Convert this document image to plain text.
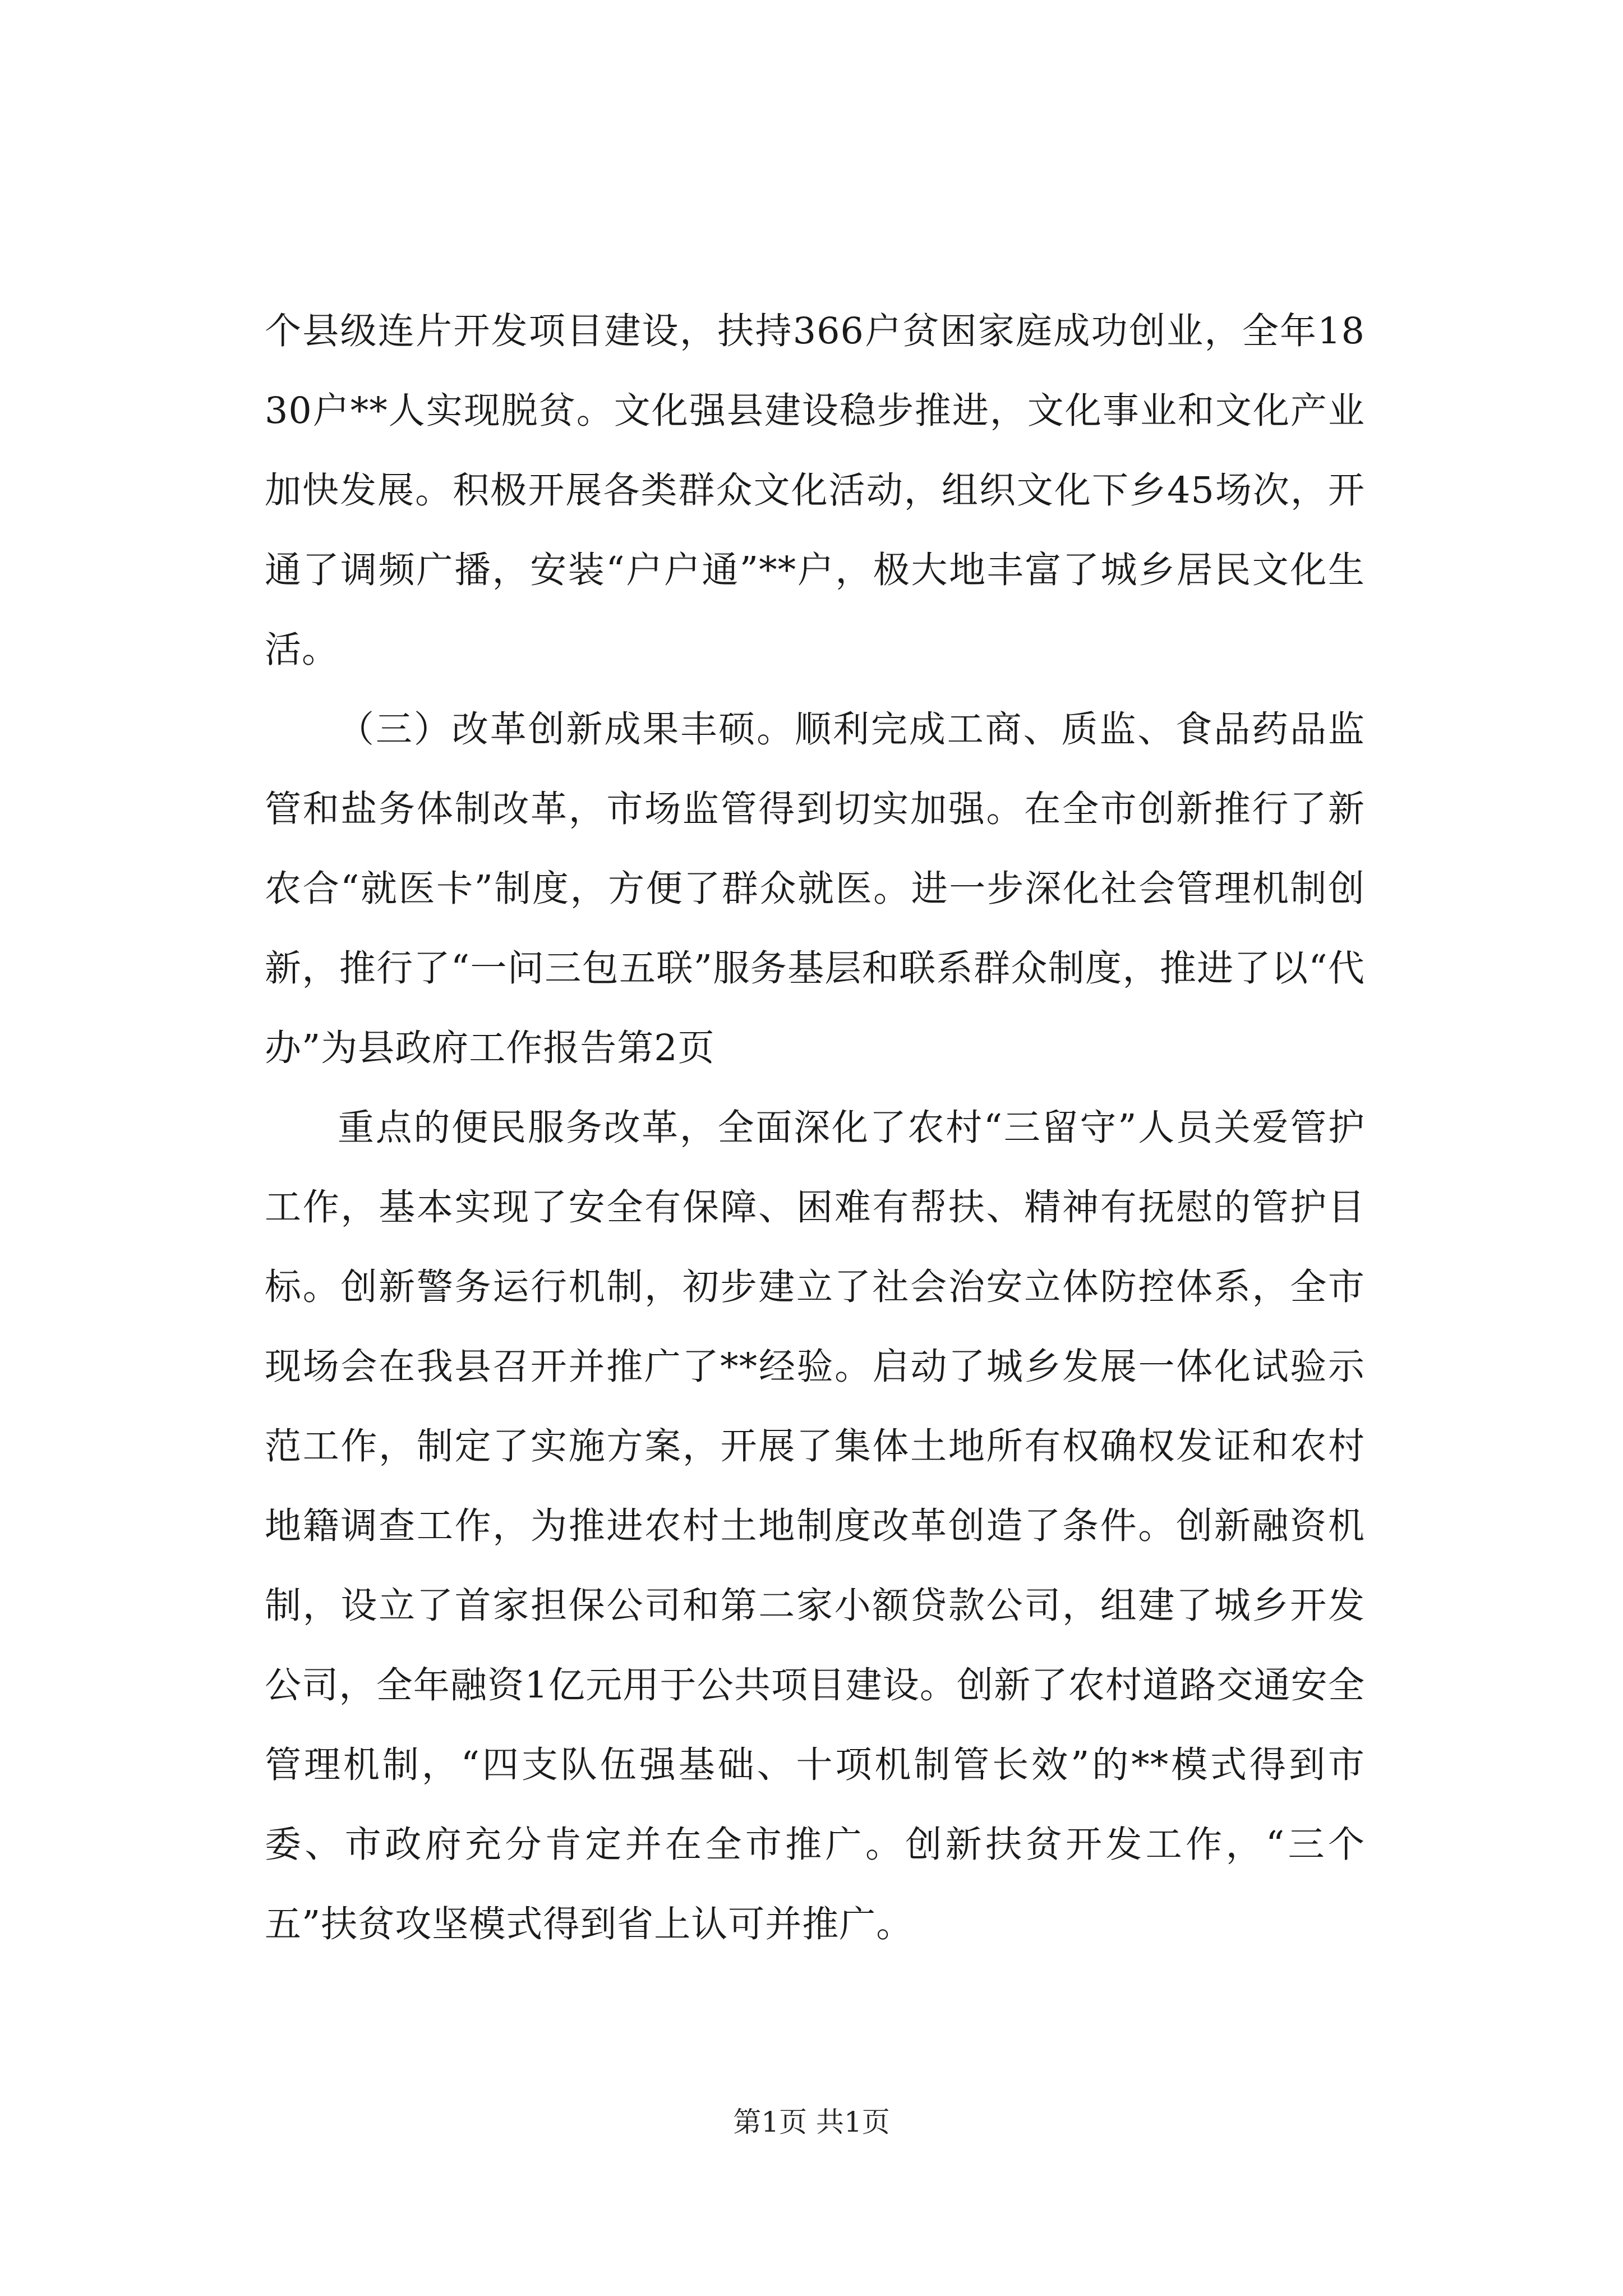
个县级连片开发项目建设，扶持366户贫困家庭成功创业，全年1830户**人实现脱贫。文化强县建设稳步推进，文化事业和文化产业加快发展。积极开展各类群众文化活动，组织文化下乡45场次，开通了调频广播，安装“户户通”**户，极大地丰富了城乡居民文化生活。

（三）改革创新成果丰硕。顺利完成工商、质监、食品药品监管和盐务体制改革，市场监管得到切实加强。在全市创新推行了新农合“就医卡”制度，方便了群众就医。进一步深化社会管理机制创新，推行了“一问三包五联”服务基层和联系群众制度，推进了以“代办”为县政府工作报告第2页

重点的便民服务改革，全面深化了农村“三留守”人员关爱管护工作，基本实现了安全有保障、困难有帮扶、精神有抚慰的管护目标。创新警务运行机制，初步建立了社会治安立体防控体系，全市现场会在我县召开并推广了**经验。启动了城乡发展一体化试验示范工作，制定了实施方案，开展了集体土地所有权确权发证和农村地籍调查工作，为推进农村土地制度改革创造了条件。创新融资机制，设立了首家担保公司和第二家小额贷款公司，组建了城乡开发公司，全年融资1亿元用于公共项目建设。创新了农村道路交通安全管理机制，“四支队伍强基础、十项机制管长效”的**模式得到市委、市政府充分肯定并在全市推广。创新扶贫开发工作，“三个五”扶贫攻坚模式得到省上认可并推广。

第1页 共1页
